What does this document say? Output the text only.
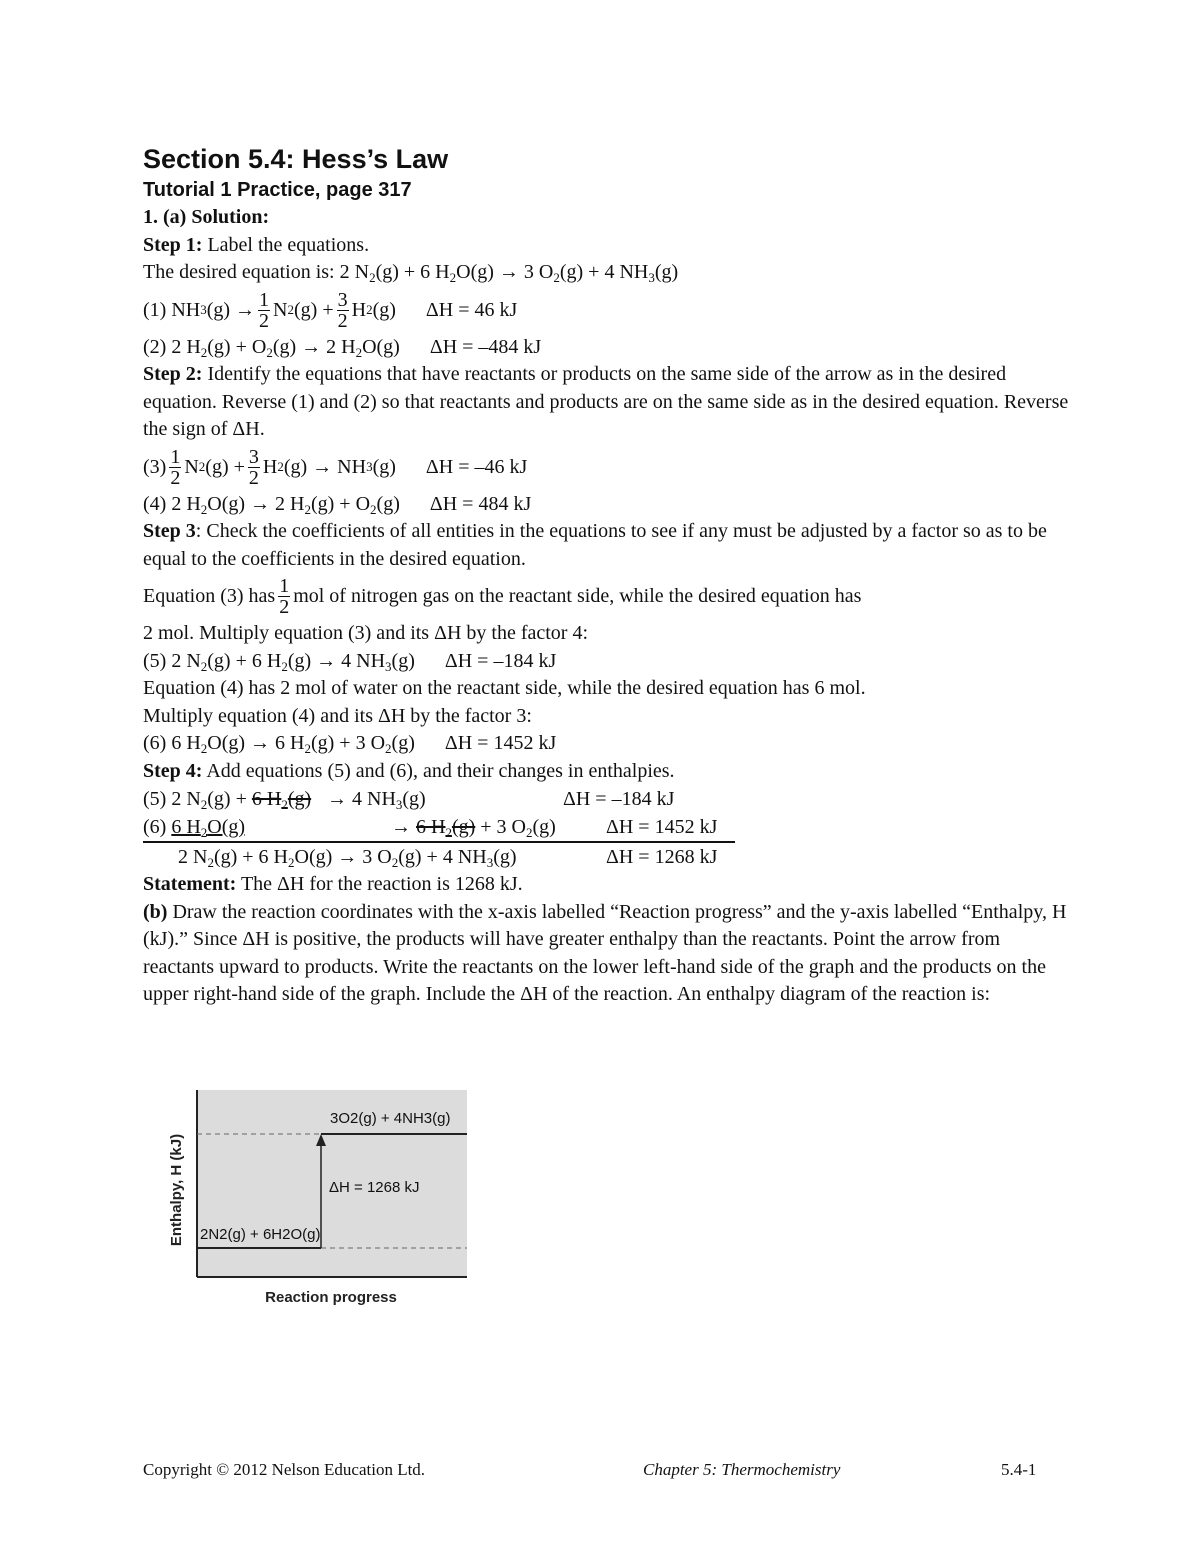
Section 5.4: Hess’s Law
Tutorial 1 Practice, page 317
1. (a) Solution:
Step 1: Label the equations.
The desired equation is: 2 $N_2(g) + 6$ $H_2O(g) \to 3$ $O_2(g) + 4$ $NH_3(g)$
(1) NH 3 $(g) \to \frac{1}{2}$ N 2 $(g) + \frac{3}{2}$ H 2 (g) ΔH = 46 kJ
(2) 2 $H_2(g) + O_2(g) \to 2$ $H_2O(g) \Delta H = -484$ kJ
Step 2: Identify the equations that have reactants or products on the same side of the arrow as in the desired equation. Reverse (1) and (2) so that reactants and products are on the same side as in the desired equation. Reverse the sign of ΔH.
$(3) \frac{1}{2}$ N 2 $(g) + \frac{3}{2}$ H 2 (g) → NH 3 (g) ΔH = –46 kJ
(4) 2 $H_2O(g) \to 2$ $H_2(g) + O_2(g) \Delta H = 484$ kJ
Step 3: Check the coefficients of all entities in the equations to see if any must be adjusted by a factor so as to be equal to the coefficients in the desired equation.
Equation (3) has $\frac{1}{2}$ mol of nitrogen gas on the reactant side, while the desired equation has
2 mol. Multiply equation (3) and its ΔH by the factor 4:
(5) 2 $N_2(g) + 6$ $H_2(g) \to 4$ $NH_3(g) \Delta H = -184$ kJ
Equation (4) has 2 mol of water on the reactant side, while the desired equation has 6 mol.
Multiply equation (4) and its ΔH by the factor 3:
(6) 6 $H_2O(g) \to 6$ $H_2(g) + 3$ $O_2(g) \Delta H = 1452$ kJ
Step 4: Add equations (5) and (6), and their changes in enthalpies.
(5) 2 $N_2(g) + 6$ $H_2(g) \to 4$ $NH_3(g)$	ΔH = –184 kJ
(6) 6 $H_2O(g)$	→ 6 $H_2(g) + 3$ $O_2(g)$	ΔH = 1452 kJ
2 $N_2(g) + 6$ $H_2O(g) \to 3$ $O_2(g) + 4$ $NH_3(g)$	ΔH = 1268 kJ
Statement: The ΔH for the reaction is 1268 kJ.
(b) Draw the reaction coordinates with the x-axis labelled “Reaction progress” and the y-axis labelled “Enthalpy, H (kJ).” Since ΔH is positive, the products will have greater enthalpy than the reactants. Point the arrow from reactants upward to products. Write the reactants on the lower left-hand side of the graph and the products on the upper right-hand side of the graph. Include the ΔH of the reaction. An enthalpy diagram of the reaction is:
3O2(g) + 4NH3(g)
2N2(g) + 6H2O(g)
ΔH = 1268 kJ
Enthalpy, H (kJ)
Reaction progress
Copyright © 2012 Nelson Education Ltd.	Chapter 5: Thermochemistry	5.4-1
